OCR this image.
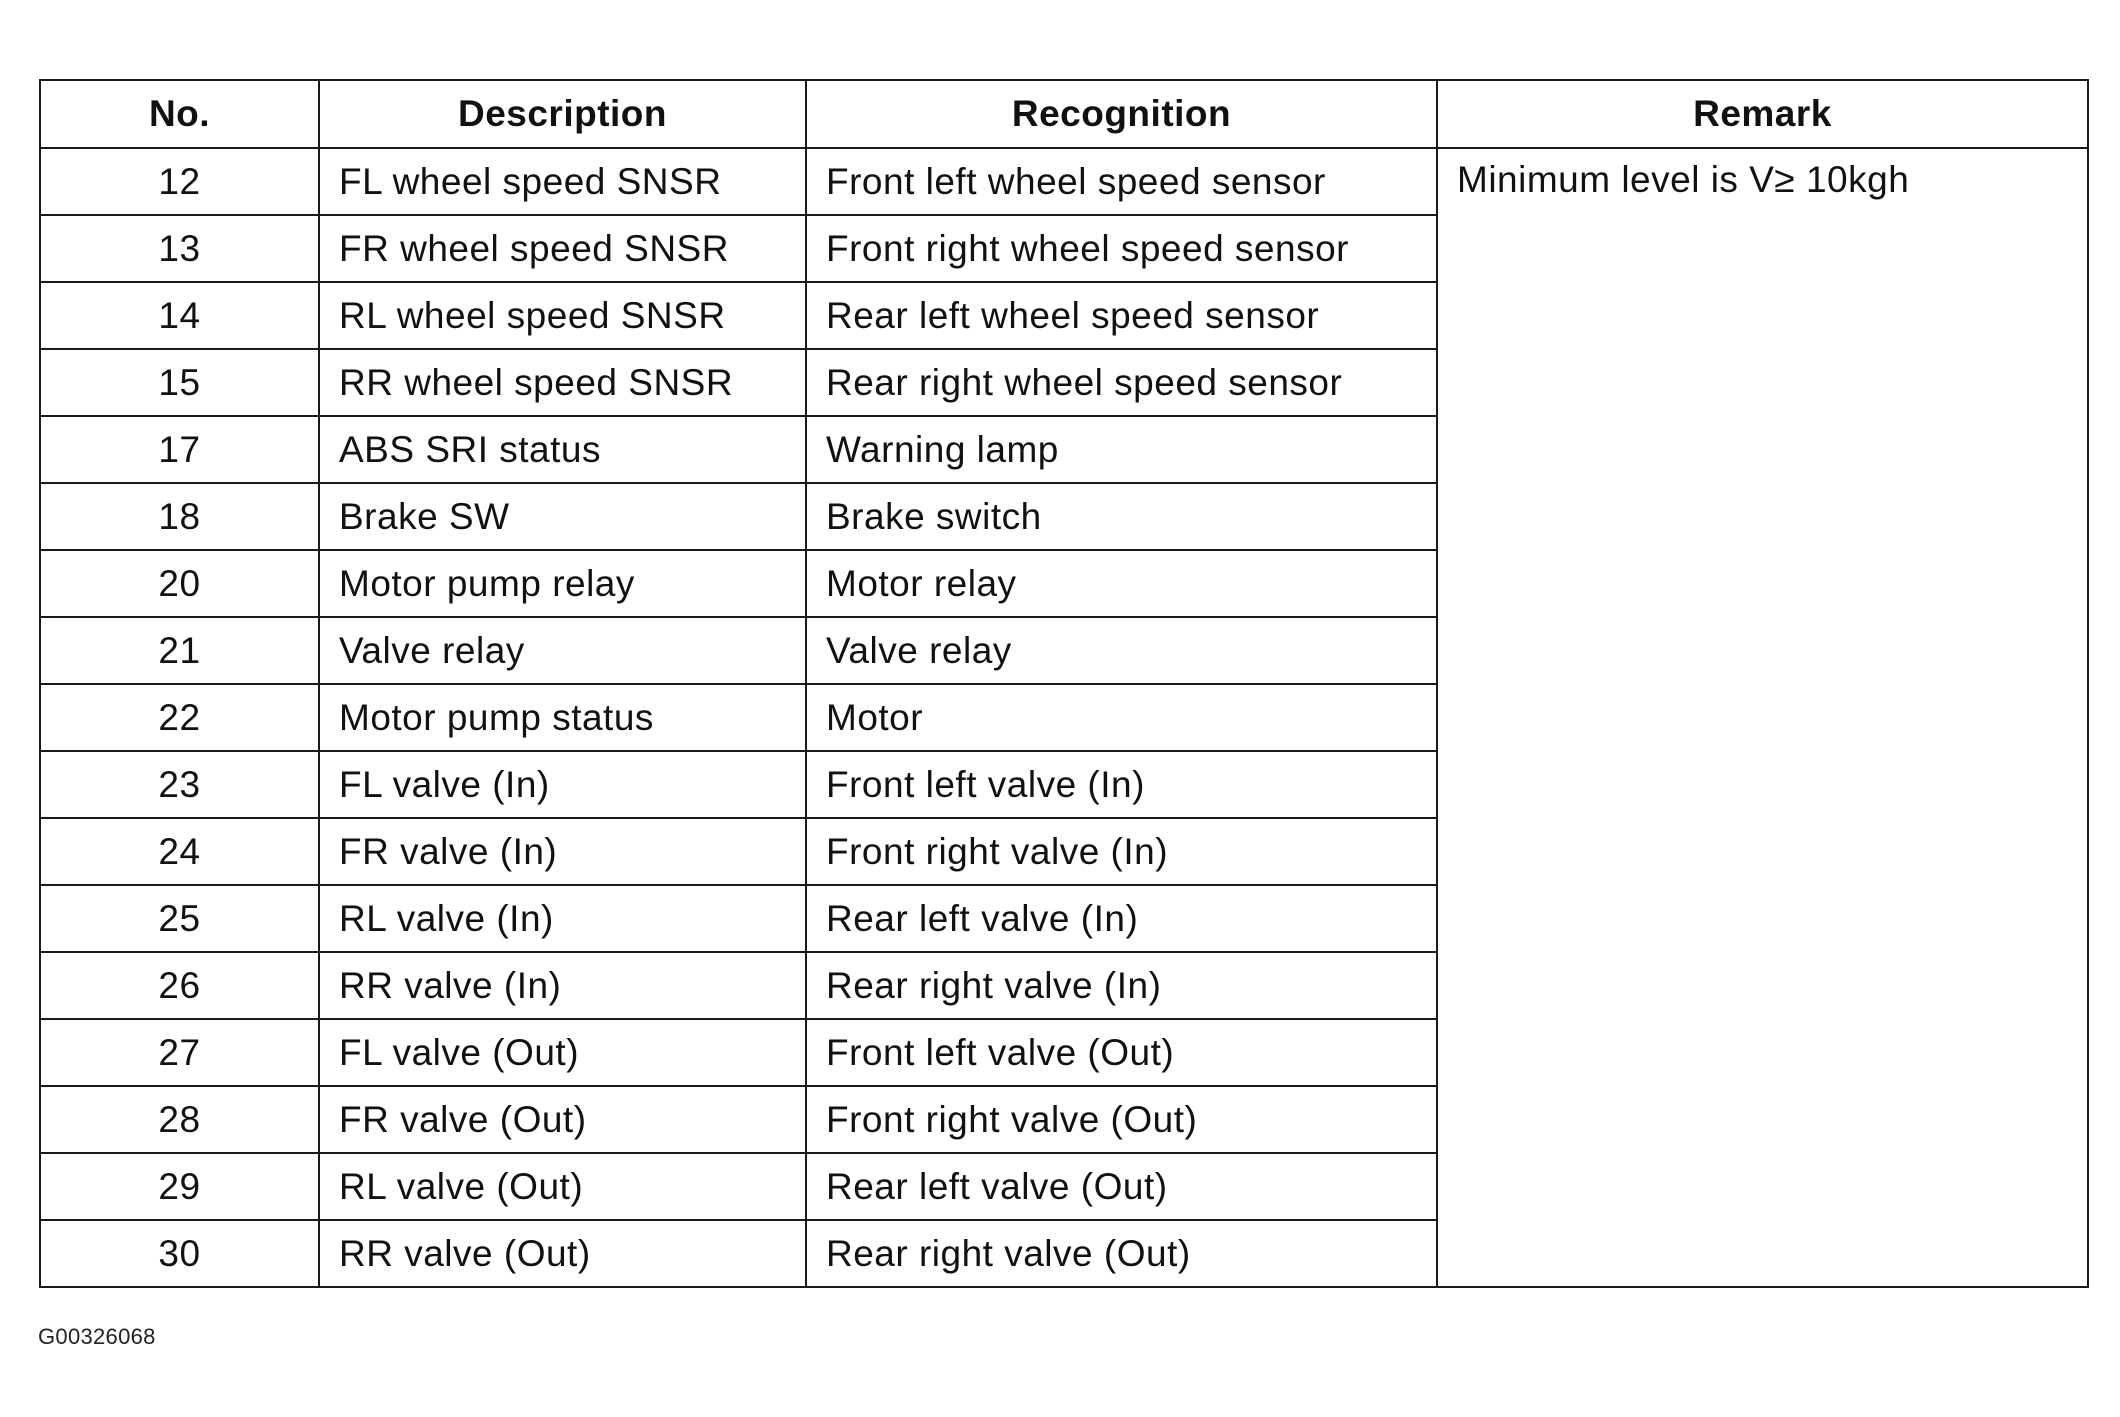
No.	Description	Recognition	Remark
12	FL wheel speed SNSR	Front left wheel speed sensor	Minimum level is V≥ 10kgh
13	FR wheel speed SNSR	Front right wheel speed sensor	
14	RL wheel speed SNSR	Rear left wheel speed sensor	
15	RR wheel speed SNSR	Rear right wheel speed sensor	
17	ABS SRI status	Warning lamp	
18	Brake SW	Brake switch	
20	Motor pump relay	Motor relay	
21	Valve relay	Valve relay	
22	Motor pump status	Motor	
23	FL valve (In)	Front left valve (In)	
24	FR valve (In)	Front right valve (In)	
25	RL valve (In)	Rear left valve (In)	
26	RR valve (In)	Rear right valve (In)	
27	FL valve (Out)	Front left valve (Out)	
28	FR valve (Out)	Front right valve (Out)	
29	RL valve (Out)	Rear left valve (Out)	
30	RR valve (Out)	Rear right valve (Out)	
G00326068
